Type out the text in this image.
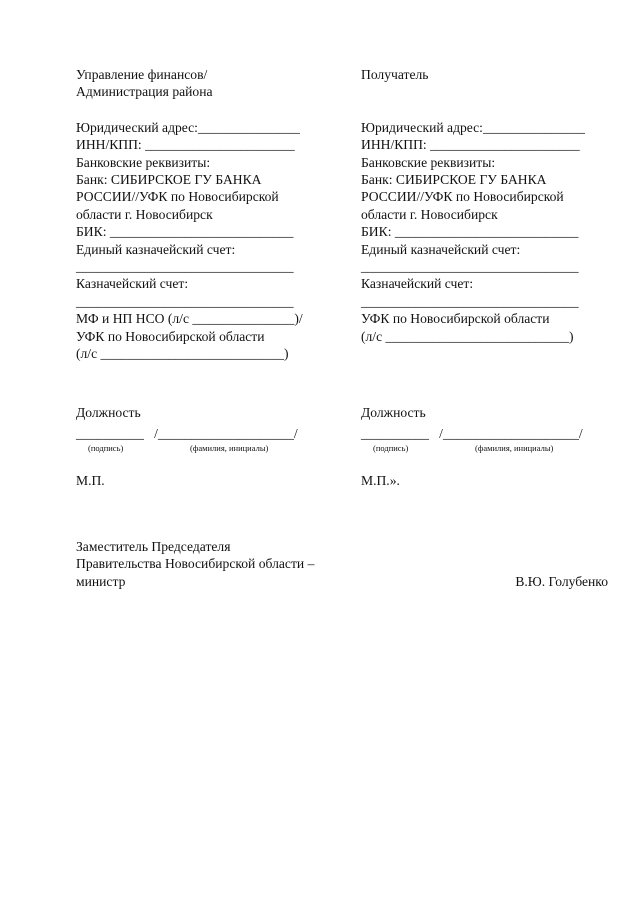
Управление финансов/
Администрация района
Юридический адрес:_______________
ИНН/КПП: ______________________
Банковские реквизиты:
Банк: СИБИРСКОЕ ГУ БАНКА
РОССИИ//УФК по Новосибирской
области г. Новосибирск
БИК: ___________________________
Единый казначейский счет:
________________________________
Казначейский счет:
________________________________
МФ и НП НСО (л/с _______________)/
УФК по Новосибирской области
(л/с ___________________________)
Должность
__________   /____________________/
(подпись)	(фамилия, инициалы)
М.П.
Получатель

Юридический адрес:_______________
ИНН/КПП: ______________________
Банковские реквизиты:
Банк: СИБИРСКОЕ ГУ БАНКА
РОССИИ//УФК по Новосибирской
области г. Новосибирск
БИК: ___________________________
Единый казначейский счет:
________________________________
Казначейский счет:
________________________________
УФК по Новосибирской области
(л/с ___________________________)

Должность
__________   /____________________/
(подпись)	(фамилия, инициалы)
М.П.».
Заместитель Председателя
Правительства Новосибирской области –
министр	В.Ю. Голубенко
